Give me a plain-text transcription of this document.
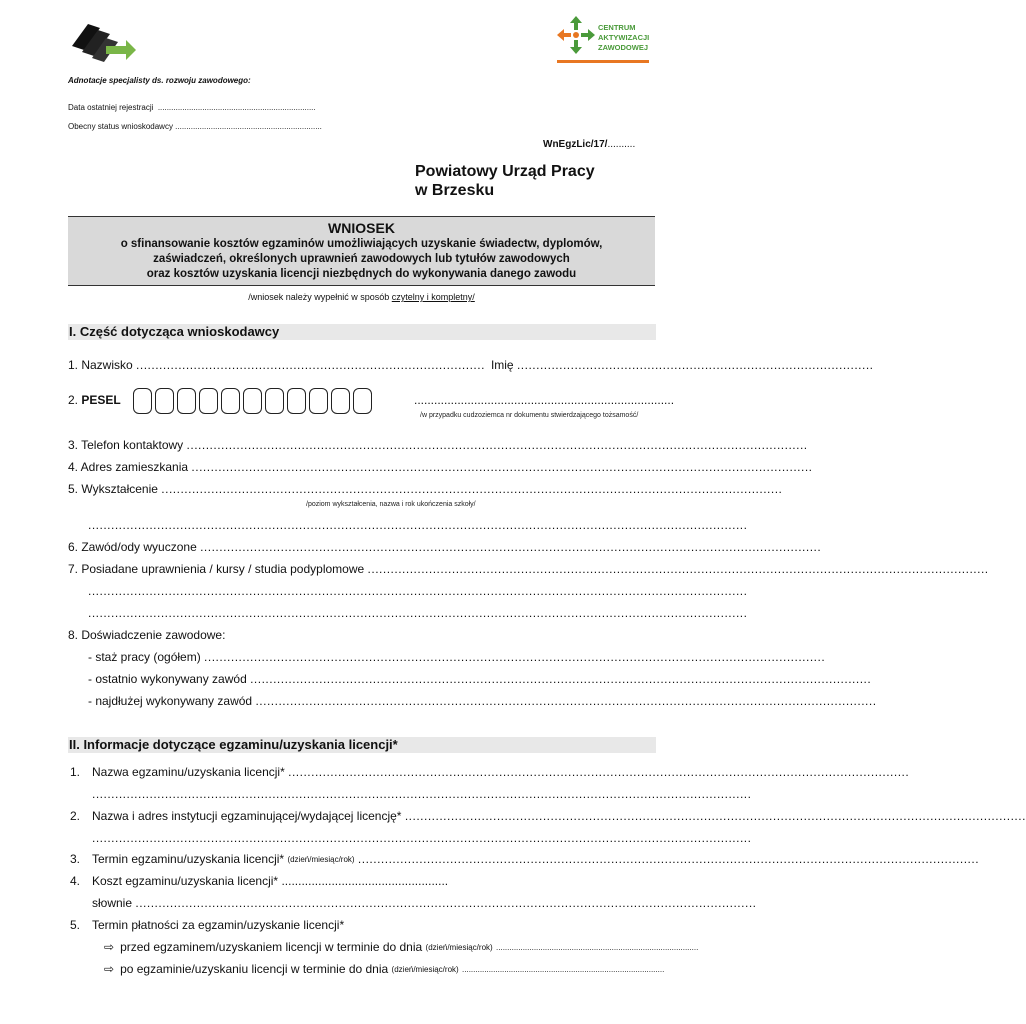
CENTRUM
AKTYWIZACJI
ZAWODOWEJ
Adnotacje specjalisty ds. rozwoju zawodowego:
Data ostatniej rejestracji  .......................................................................
Obecny status wnioskodawcy ..................................................................
WnEgzLic/17/..........
Powiatowy Urząd Pracy
w Brzesku
WNIOSEK
o sfinansowanie kosztów egzaminów umożliwiających uzyskanie świadectw, dyplomów,
zaświadczeń, określonych uprawnień zawodowych lub tytułów zawodowych
oraz kosztów uzyskania licencji niezbędnych do wykonywania danego zawodu
/wniosek należy wypełnić w sposób czytelny i kompletny/
I. Część dotycząca wnioskodawcy
1. Nazwisko
........................................................................................... Imię
.............................................................................................
2. PESEL	..............................................................................
/w przypadku cudzoziemca nr dokumentu stwierdzającego tożsamość/
3. Telefon kontaktowy
..................................................................................................................................................................
4. Adres zamieszkania
..................................................................................................................................................................
5. Wykształcenie
..................................................................................................................................................................
/poziom wykształcenia, nazwa i rok ukończenia szkoły/
............................................................................................................................................................................
6. Zawód/ody wyuczone
..................................................................................................................................................................
7. Posiadane uprawnienia / kursy / studia podyplomowe
..................................................................................................................................................................
............................................................................................................................................................................
............................................................................................................................................................................
8. Doświadczenie zawodowe:
- staż pracy (ogółem)
..................................................................................................................................................................
- ostatnio wykonywany zawód
..................................................................................................................................................................
- najdłużej wykonywany zawód
..................................................................................................................................................................
II. Informacje dotyczące egzaminu/uzyskania licencji*
1. Nazwa egzaminu/uzyskania licencji*
..................................................................................................................................................................
............................................................................................................................................................................
2. Nazwa i adres instytucji egzaminującej/wydającej licencję*
..................................................................................................................................................................
............................................................................................................................................................................
3. Termin egzaminu/uzyskania licencji*
(dzień/miesiąc/rok)
..................................................................................................................................................................
4. Koszt egzaminu/uzyskania licencji* ..................................................
słownie
..................................................................................................................................................................
5. Termin płatności za egzamin/uzyskanie licencji*
⇨ przed egzaminem/uzyskaniem licencji w terminie do dnia
(dzień/miesiąc/rok)
...........................................................................................
⇨ po egzaminie/uzyskaniu licencji w terminie do dnia
(dzień/miesiąc/rok)
...........................................................................................
